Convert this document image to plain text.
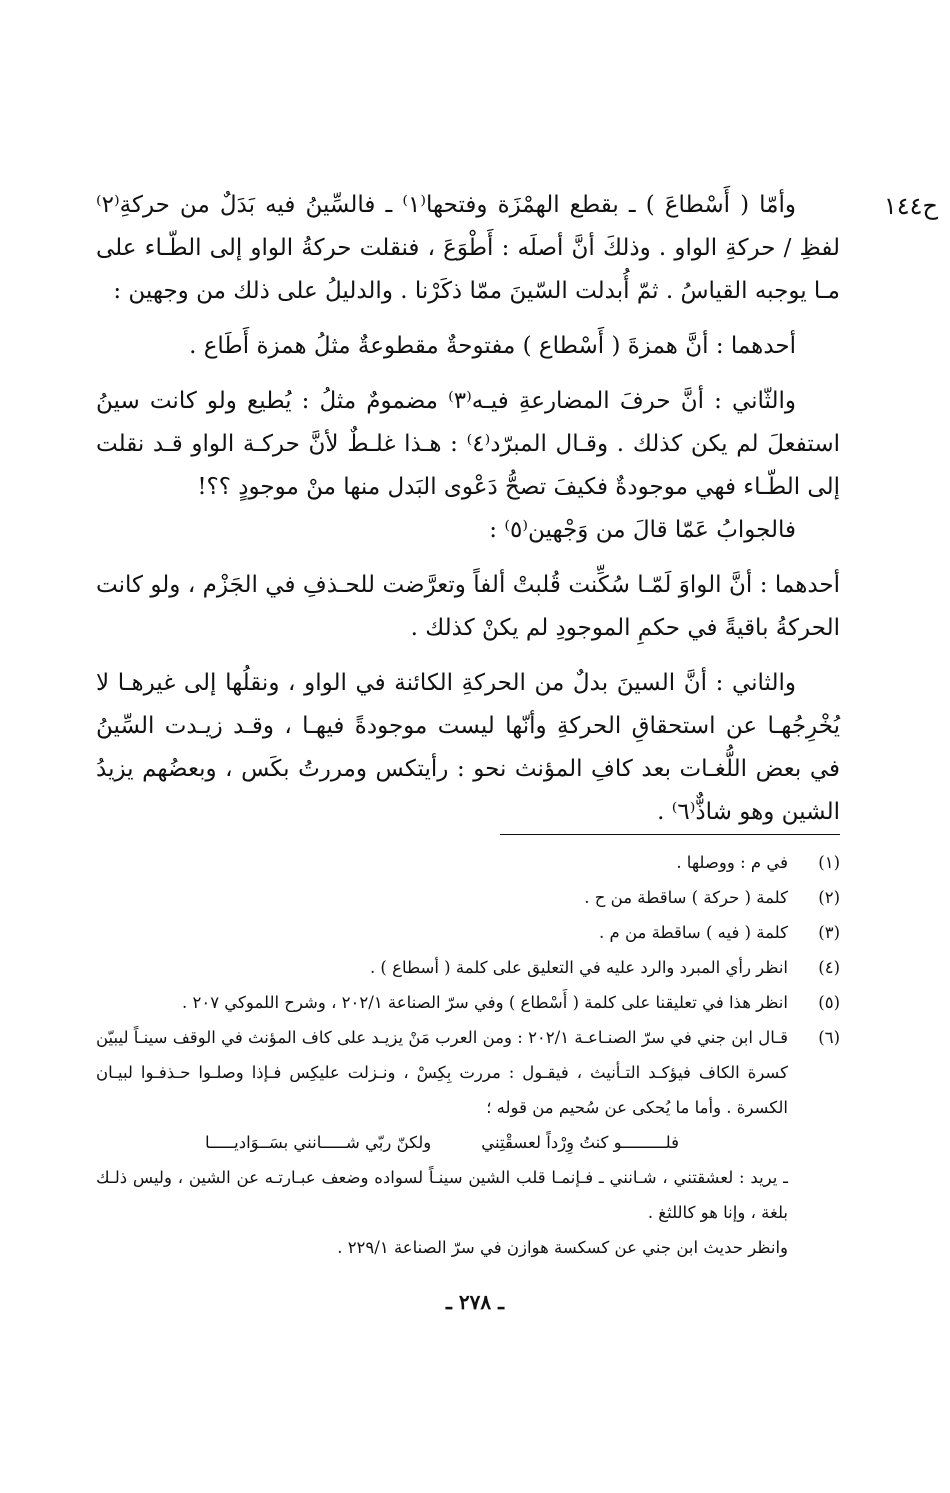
ح١٤٤

وأمّا ( أَسْطاعَ ) ـ بقطع الهمْزَة وفتحها⁽١⁾ ـ فالسِّينُ فيه بَدَلٌ من حركةِ⁽٢⁾ لفظِ / حركةِ الواو . وذلكَ أنَّ أصلَه : أَطْوَعَ ، فنقلت حركةُ الواو إلى الطّـاء على مـا يوجبه القياسُ . ثمّ أُبدلت السّينَ ممّا ذكَرْنا . والدليلُ على ذلك من وجهين :

أحدهما : أنَّ همزةَ ( أَسْطاع ) مفتوحةٌ مقطوعةٌ مثلُ همزة أَطَاع .

والثّاني : أنَّ حرفَ المضارعةِ فيـه⁽٣⁾ مضمومٌ مثلُ : يُطيع ولو كانت سينُ استفعلَ لم يكن كذلك . وقـال المبرّد⁽٤⁾ : هـذا غلـطٌ لأنَّ حركـة الواو قـد نقلت إلى الطّـاء فهي موجودةٌ فكيفَ تصحُّ دَعْوى البَدل منها منْ موجودٍ ؟؟!

فالجوابُ عَمّا قالَ من وَجْهين⁽٥⁾ :

أحدهما : أنَّ الواوَ لَمّـا سُكِّنت قُلبتْ ألفاً وتعرَّضت للحـذفِ في الجَزْم ، ولو كانت الحركةُ باقيةً في حكمِ الموجودِ لم يكنْ كذلك .

والثاني : أنَّ السينَ بدلٌ من الحركةِ الكائنة في الواو ، ونقلُها إلى غيرهـا لا يُخْرِجُهـا عن استحقاقِ الحركةِ وأنّها ليست موجودةً فيهـا ، وقـد زيـدت السِّينُ في بعض اللُّغـات بعد كافِ المؤنث نحو : رأيتكس ومررتُ بكَس ، وبعضُهم يزيدُ الشين وهو شاذٌّ⁽٦⁾ .

(١)
في م : ووصلها .
(٢)
كلمة ( حركة ) ساقطة من ح .
(٣)
كلمة ( فيه ) ساقطة من م .
(٤)
انظر رأي المبرد والرد عليه في التعليق على كلمة ( أسطاع ) .
(٥)
انظر هذا في تعليقنا على كلمة ( أَسْطاع ) وفي سرّ الصناعة ٢٠٢/١ ، وشرح اللموكي ٢٠٧ .
(٦)
قـال ابن جني في سرّ الصنـاعـة ٢٠٢/١ : ومن العرب مَنْ يزيـد على كاف المؤنث في الوقف سينـاً ليبيّن كسرة الكاف فيؤكـد التـأنيث ، فيقـول : مررت بِكِسْ ، ونـزلت عليكِس فـإذا وصلـوا حـذفـوا لبيـان الكسرة . وأما ما يُحكى عن سُحيم من قوله ؛
فلـــــــــو كنتُ وِرْداً لعسقْتِني
ولكنّ ربّي شـــــانني بسَــوَاديـــــا
ـ يريد : لعشقتني ، شـانني ـ فـإنمـا قلب الشين سينـاً لسواده وضعف عبـارتـه عن الشين ، وليس ذلـك بلغة ، وإنا هو كاللثغ .
وانظر حديث ابن جني عن كسكسة هوازن في سرّ الصناعة ٢٢٩/١ .
ـ ٢٧٨ ـ
